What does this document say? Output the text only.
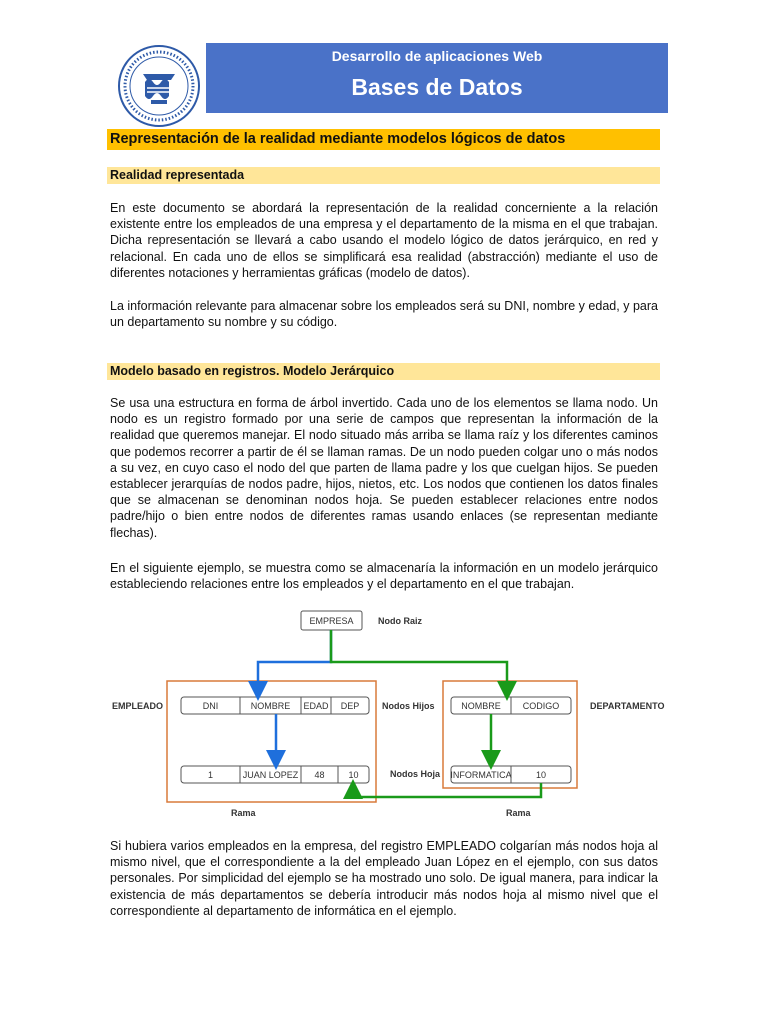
Desarrollo de aplicaciones Web
Bases de Datos
Representación de la realidad mediante modelos lógicos de datos
Realidad representada

En este documento se abordará la representación de la realidad concerniente a la relación existente entre los empleados de una empresa y el departamento de la misma en el que trabajan. Dicha representación se llevará a cabo usando el modelo lógico de datos jerárquico, en red y relacional. En cada uno de ellos se simplificará esa realidad (abstracción) mediante el uso de diferentes notaciones y herramientas gráficas (modelo de datos).

La información relevante para almacenar sobre los empleados será su DNI, nombre y edad, y para un departamento su nombre y su código.

Modelo basado en registros. Modelo Jerárquico

Se usa una estructura en forma de árbol invertido. Cada uno de los elementos se llama nodo. Un nodo es un registro formado por una serie de campos que representan la información de la realidad que queremos manejar. El nodo situado más arriba se llama raíz y los diferentes caminos que podemos recorrer a partir de él se llaman ramas. De un nodo pueden colgar uno o más nodos a su vez, en cuyo caso el nodo del que parten de llama padre y los que cuelgan hijos. Se pueden establecer jerarquías de nodos padre, hijos, nietos, etc. Los nodos que contienen los datos finales que se almacenan se denominan nodos hoja. Se pueden establecer relaciones entre nodos padre/hijo o bien entre nodos de diferentes ramas usando enlaces (se representan mediante flechas).

En el siguiente ejemplo, se muestra como se almacenaría la información en un modelo jerárquico estableciendo relaciones entre los empleados y el departamento en el que trabajan.

EMPRESA	Nodo Raiz
EMPLEADO	DEPARTAMENTO
Nodos Hijos
Nodos Hoja
Rama	Rama
DNI	NOMBRE EDAD DEP
1	JUAN LOPEZ 48	10
NOMBRE CODIGO
INFORMATICA	10

Si hubiera varios empleados en la empresa, del registro EMPLEADO colgarían más nodos hoja al mismo nivel, que el correspondiente a la del empleado Juan López en el ejemplo, con sus datos personales. Por simplicidad del ejemplo se ha mostrado uno solo. De igual manera, para indicar la existencia de más departamentos se debería introducir más nodos hoja al mismo nivel que el correspondiente al departamento de informática en el ejemplo.
